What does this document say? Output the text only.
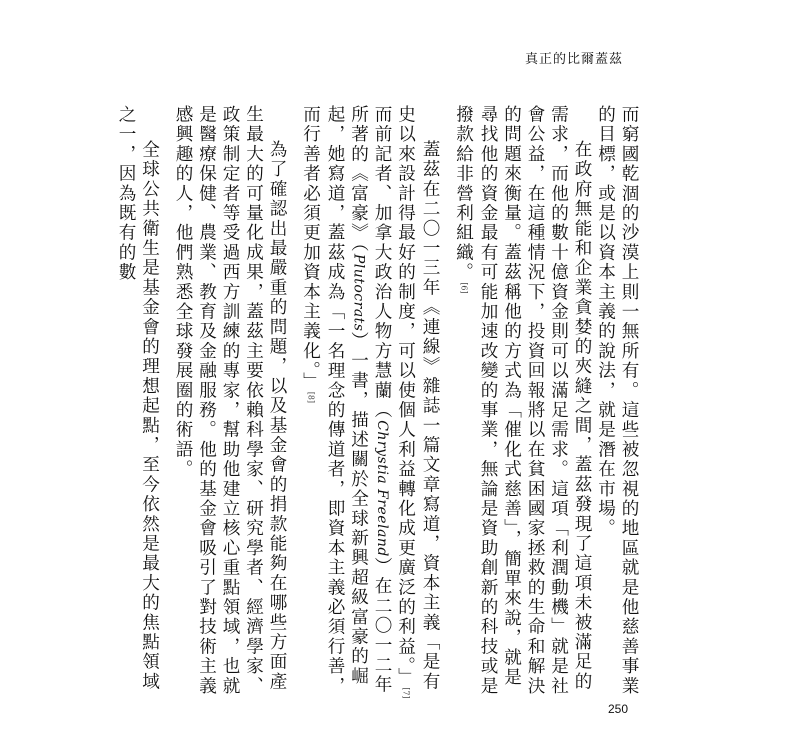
真正的比爾蓋茲

而窮國乾涸的沙漠上則一無所有。這些被忽視的地區就是他慈善事業的目標，或是以資本主義的說法，就是潛在市場。

在政府無能和企業貪婪的夾縫之間，蓋茲發現了這項未被滿足的需求，而他的數十億資金則可以滿足需求。這項「利潤動機」就是社會公益，在這種情況下，投資回報將以在貧困國家拯救的生命和解決的問題來衡量。蓋茲稱他的方式為「催化式慈善」，簡單來說，就是尋找他的資金最有可能加速改變的事業，無論是資助創新的科技或是撥款給非營利組織。[6]

蓋茲在二〇一三年《連線》雜誌一篇文章寫道，資本主義「是有史以來設計得最好的制度，可以使個人利益轉化成更廣泛的利益。」[7]而前記者、加拿大政治人物方慧蘭（Chrystia Freeland）在二〇一二年所著的《富豪》（Plutocrats）一書，描述關於全球新興超級富豪的崛起，她寫道，蓋茲成為「一名理念的傳道者，即資本主義必須行善，而行善者必須更加資本主義化。」[8]

為了確認出最嚴重的問題，以及基金會的捐款能夠在哪些方面產生最大的可量化成果，蓋茲主要依賴科學家、研究學者、經濟學家、政策制定者等受過西方訓練的專家，幫助他建立核心重點領域，也就是醫療保健、農業、教育及金融服務。他的基金會吸引了對技術主義感興趣的人，他們熟悉全球發展圈的術語。

全球公共衛生是基金會的理想起點，至今依然是最大的焦點領域之一，因為既有的數

250
